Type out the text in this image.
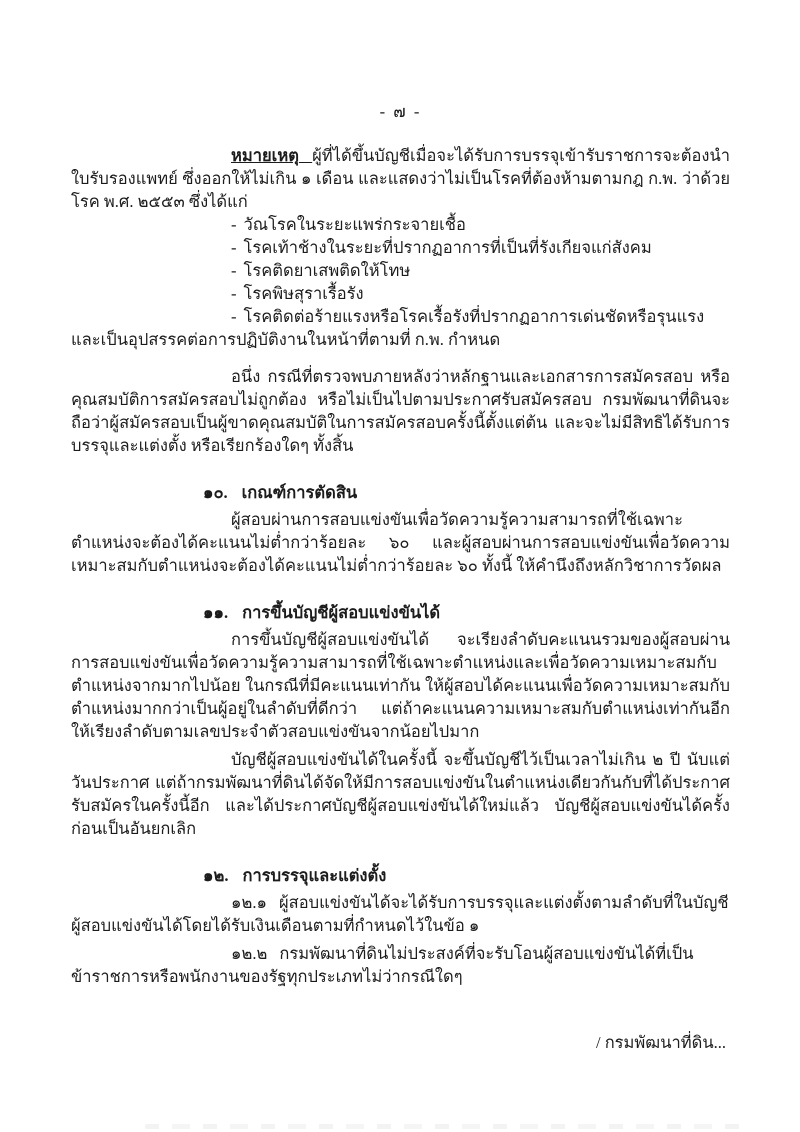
- ๗ -

หมายเหตุ ผู้ที่ได้ขึ้นบัญชีเมื่อจะได้รับการบรรจุเข้ารับราชการจะต้องนำใบรับรองแพทย์ ซึ่งออกให้ไม่เกิน ๑ เดือน และแสดงว่าไม่เป็นโรคที่ต้องห้ามตามกฎ ก.พ. ว่าด้วยโรค พ.ศ. ๒๕๕๓ ซึ่งได้แก่

- วัณโรคในระยะแพร่กระจายเชื้อ

- โรคเท้าช้างในระยะที่ปรากฏอาการที่เป็นที่รังเกียจแก่สังคม

- โรคติดยาเสพติดให้โทษ

- โรคพิษสุราเรื้อรัง

- โรคติดต่อร้ายแรงหรือโรคเรื้อรังที่ปรากฏอาการเด่นชัดหรือรุนแรงและเป็นอุปสรรคต่อการปฏิบัติงานในหน้าที่ตามที่ ก.พ. กำหนด

อนึ่ง กรณีที่ตรวจพบภายหลังว่าหลักฐานและเอกสารการสมัครสอบ หรือคุณสมบัติการสมัครสอบไม่ถูกต้อง หรือไม่เป็นไปตามประกาศรับสมัครสอบ กรมพัฒนาที่ดินจะถือว่าผู้สมัครสอบเป็นผู้ขาดคุณสมบัติในการสมัครสอบครั้งนี้ตั้งแต่ต้น และจะไม่มีสิทธิได้รับการบรรจุและแต่งตั้ง หรือเรียกร้องใดๆ ทั้งสิ้น

๑๐. เกณฑ์การตัดสิน

ผู้สอบผ่านการสอบแข่งขันเพื่อวัดความรู้ความสามารถที่ใช้เฉพาะตำแหน่งจะต้องได้คะแนนไม่ต่ำกว่าร้อยละ ๖๐ และผู้สอบผ่านการสอบแข่งขันเพื่อวัดความเหมาะสมกับตำแหน่งจะต้องได้คะแนนไม่ต่ำกว่าร้อยละ ๖๐ ทั้งนี้ ให้คำนึงถึงหลักวิชาการวัดผล

๑๑. การขึ้นบัญชีผู้สอบแข่งขันได้

การขึ้นบัญชีผู้สอบแข่งขันได้ จะเรียงลำดับคะแนนรวมของผู้สอบผ่านการสอบแข่งขันเพื่อวัดความรู้ความสามารถที่ใช้เฉพาะตำแหน่งและเพื่อวัดความเหมาะสมกับตำแหน่งจากมากไปน้อย ในกรณีที่มีคะแนนเท่ากัน ให้ผู้สอบได้คะแนนเพื่อวัดความเหมาะสมกับตำแหน่งมากกว่าเป็นผู้อยู่ในลำดับที่ดีกว่า แต่ถ้าคะแนนความเหมาะสมกับตำแหน่งเท่ากันอีก ให้เรียงลำดับตามเลขประจำตัวสอบแข่งขันจากน้อยไปมาก

บัญชีผู้สอบแข่งขันได้ในครั้งนี้ จะขึ้นบัญชีไว้เป็นเวลาไม่เกิน ๒ ปี นับแต่วันประกาศ แต่ถ้ากรมพัฒนาที่ดินได้จัดให้มีการสอบแข่งขันในตำแหน่งเดียวกันกับที่ได้ประกาศรับสมัครในครั้งนี้อีก และได้ประกาศบัญชีผู้สอบแข่งขันได้ใหม่แล้ว บัญชีผู้สอบแข่งขันได้ครั้งก่อนเป็นอันยกเลิก

๑๒. การบรรจุและแต่งตั้ง

๑๒.๑ ผู้สอบแข่งขันได้จะได้รับการบรรจุและแต่งตั้งตามลำดับที่ในบัญชีผู้สอบแข่งขันได้โดยได้รับเงินเดือนตามที่กำหนดไว้ในข้อ ๑

๑๒.๒ กรมพัฒนาที่ดินไม่ประสงค์ที่จะรับโอนผู้สอบแข่งขันได้ที่เป็นข้าราชการหรือพนักงานของรัฐทุกประเภทไม่ว่ากรณีใดๆ

/ กรมพัฒนาที่ดิน...
